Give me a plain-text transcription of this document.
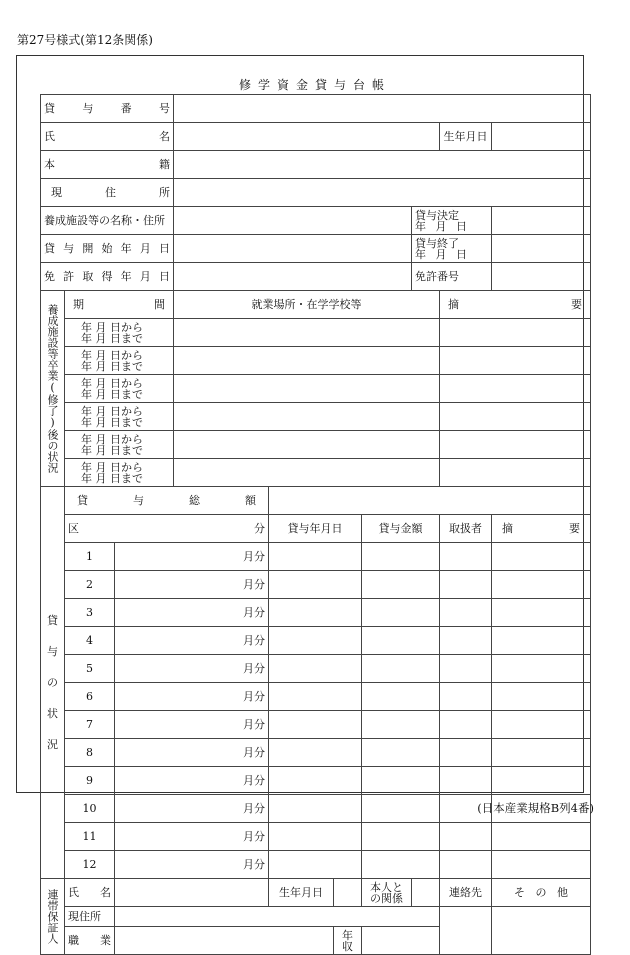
第27号様式(第12条関係)
修学資金貸与台帳
貸与番号									
氏名								生年月日	
本籍									
現住所									
養成施設等の名称・住所							貸与決定
年 月 日		

貸与開始年月日							貸与終了
年 月 日		

免許取得年月日							免許番号		

養成施設等卒業(修了)後の状況	期間		就業場所・在学学校等					摘要	

	年 月 日から
年 月 日まで								

	年 月 日から
年 月 日まで								

	年 月 日から
年 月 日まで								

	年 月 日から
年 月 日まで								

	年 月 日から
年 月 日まで								

	年 月 日から
年 月 日まで								

貸
与
の
状
況	貸与総額								
	区分			貸与年月日		貸与金額		取扱者	摘要
	1	月分							
	2	月分							
	3	月分							
	4	月分							
	5	月分							
	6	月分							
	7	月分							
	8	月分							
	9	月分							
	10	月分							
	11	月分							
	12	月分							

連帯保証人	氏名			生年月日		本人と
の関係		連絡先	その他
	現住所								
	職業				年収				
(日本産業規格B列4番)
